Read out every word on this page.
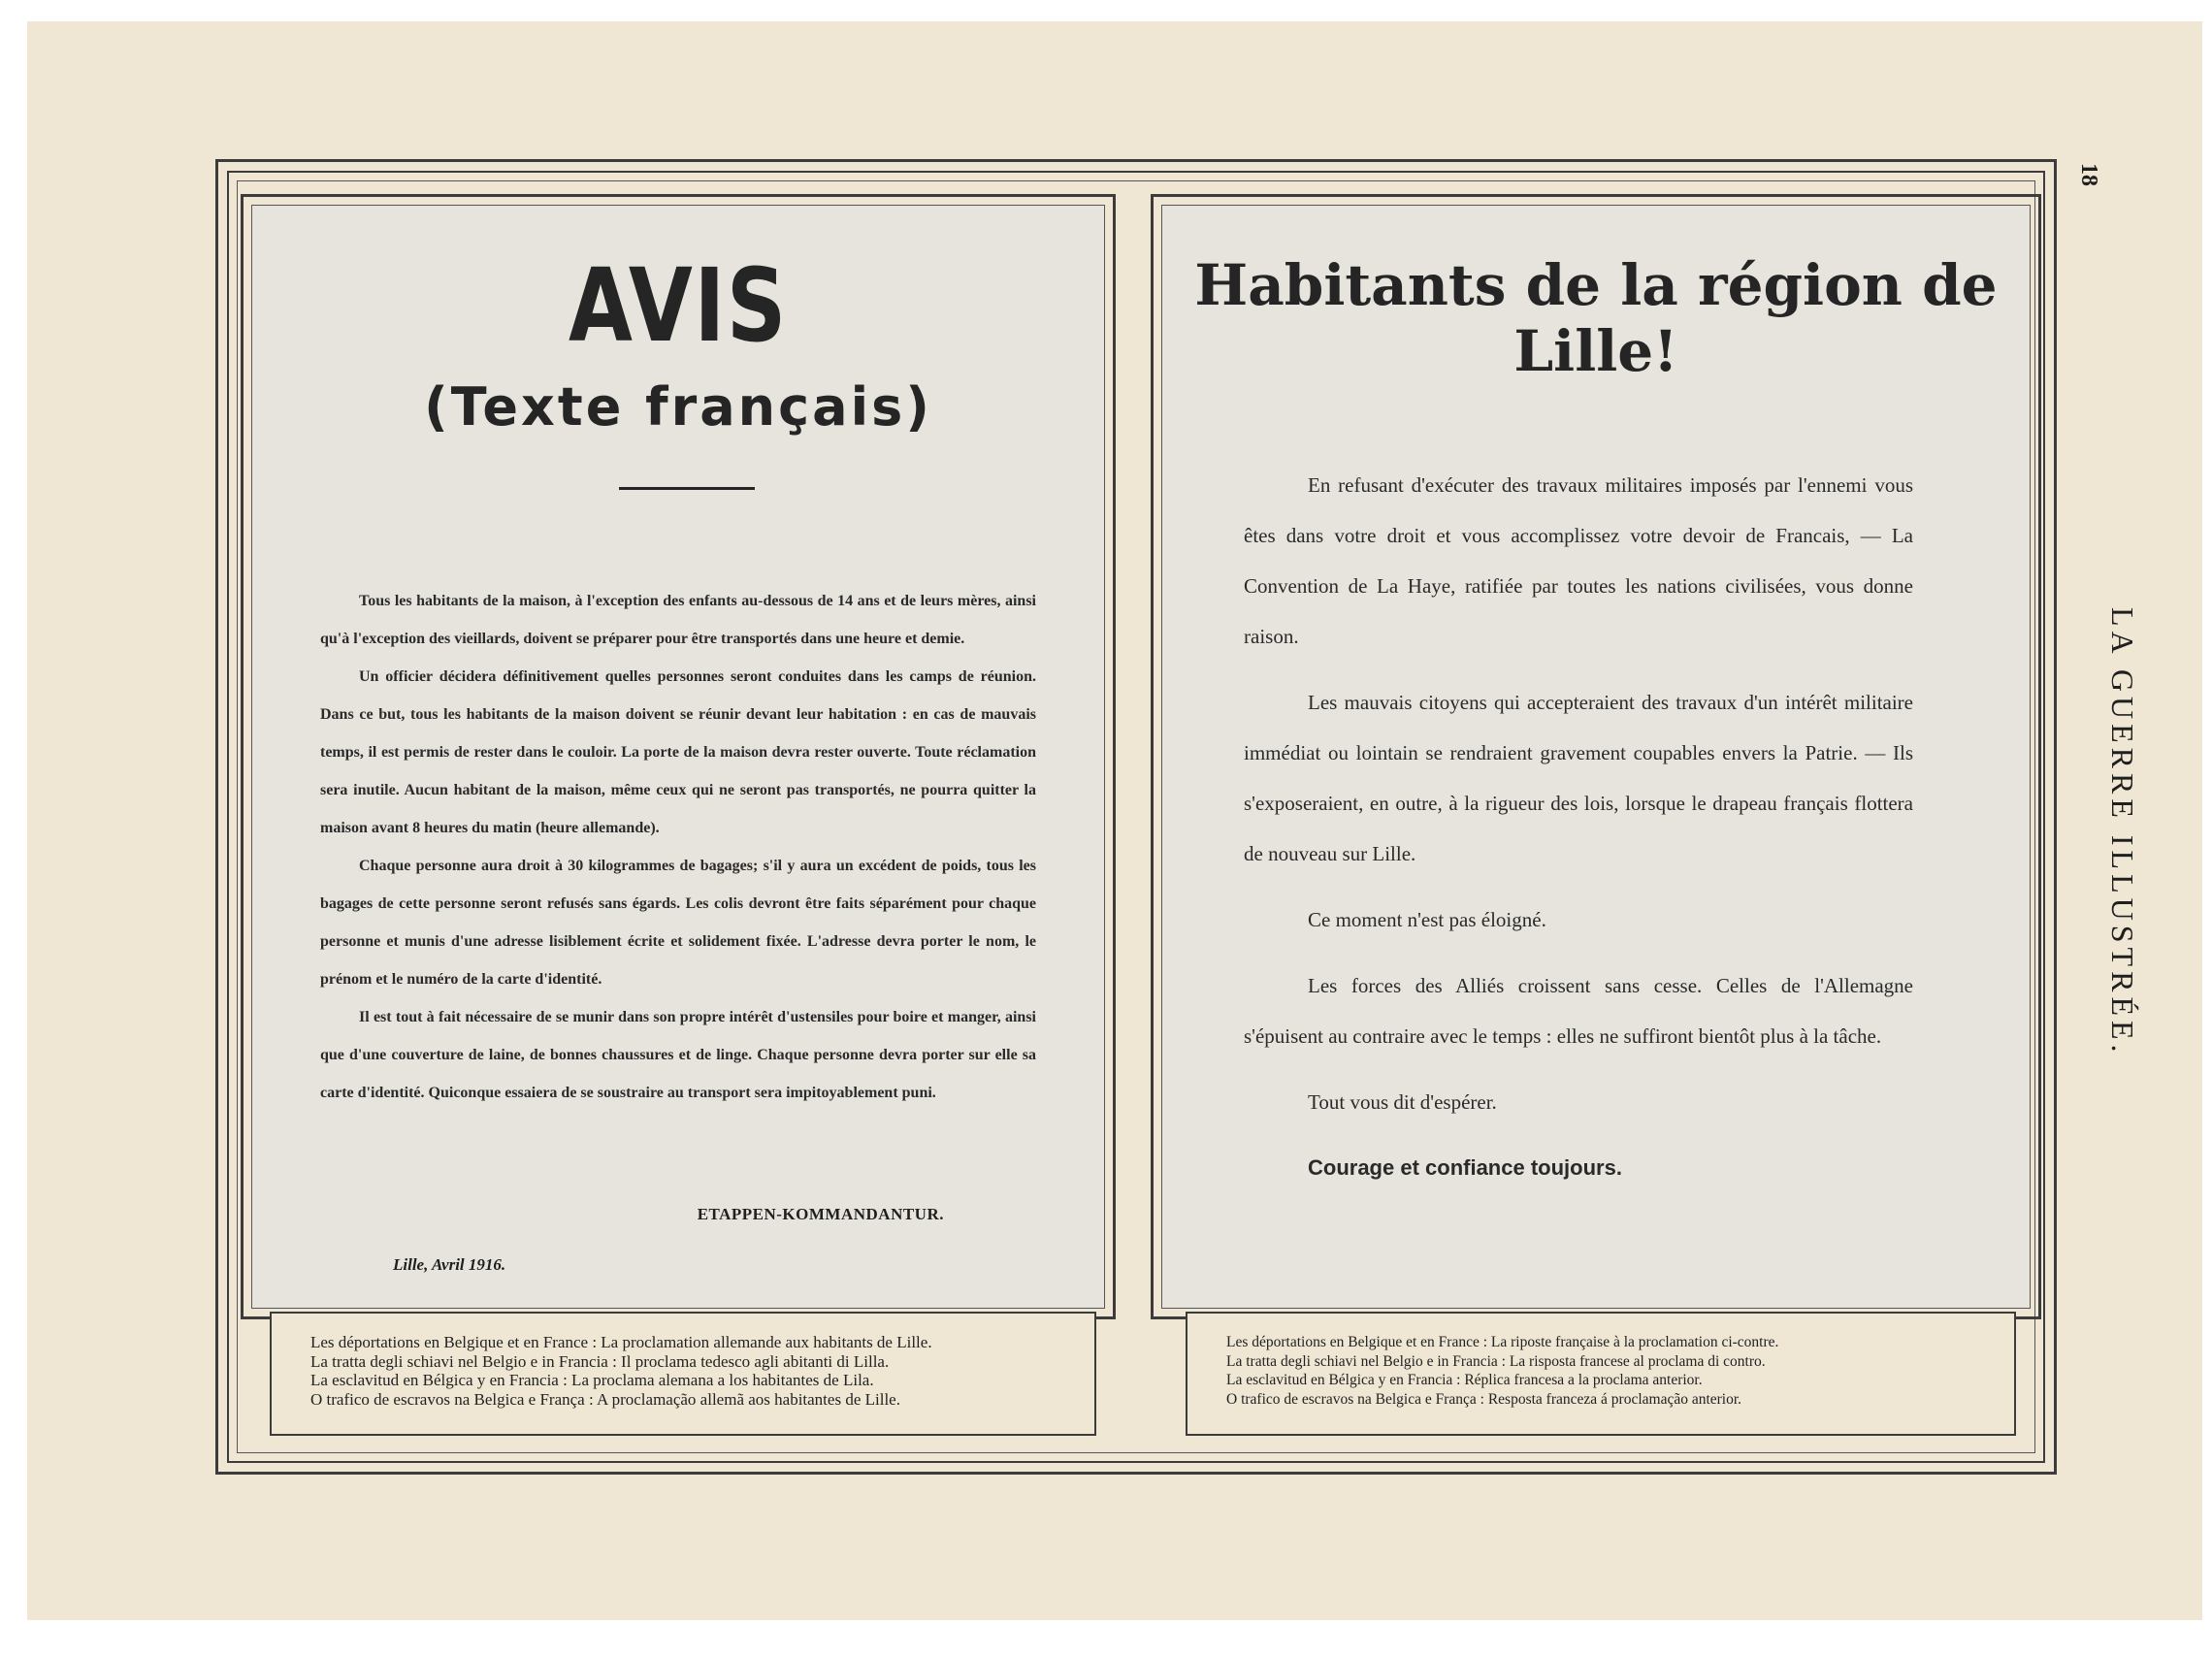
18
LA GUERRE ILLUSTRÉE.
AVIS
(Texte français)

Tous les habitants de la maison, à l'exception des enfants au-dessous de 14 ans et de leurs mères, ainsi qu'à l'exception des vieillards, doivent se préparer pour être transportés dans une heure et demie.

Un officier décidera définitivement quelles personnes seront conduites dans les camps de réunion. Dans ce but, tous les habitants de la maison doivent se réunir devant leur habitation : en cas de mauvais temps, il est permis de rester dans le couloir. La porte de la maison devra rester ouverte. Toute réclamation sera inutile. Aucun habitant de la maison, même ceux qui ne seront pas transportés, ne pourra quitter la maison avant 8 heures du matin (heure allemande).

Chaque personne aura droit à 30 kilogrammes de bagages; s'il y aura un excédent de poids, tous les bagages de cette personne seront refusés sans égards. Les colis devront être faits séparément pour chaque personne et munis d'une adresse lisiblement écrite et solidement fixée. L'adresse devra porter le nom, le prénom et le numéro de la carte d'identité.

Il est tout à fait nécessaire de se munir dans son propre intérêt d'ustensiles pour boire et manger, ainsi que d'une couverture de laine, de bonnes chaussures et de linge. Chaque personne devra porter sur elle sa carte d'identité. Quiconque essaiera de se soustraire au transport sera impitoyablement puni.

ETAPPEN-KOMMANDANTUR.
Lille, Avril 1916.
Habitants de la région de Lille!

En refusant d'exécuter des travaux militaires imposés par l'ennemi vous êtes dans votre droit et vous accomplissez votre devoir de Francais, — La Convention de La Haye, ratifiée par toutes les nations civilisées, vous donne raison.

Les mauvais citoyens qui accepteraient des travaux d'un intérêt militaire immédiat ou lointain se rendraient gravement coupables envers la Patrie. — Ils s'exposeraient, en outre, à la rigueur des lois, lorsque le drapeau français flottera de nouveau sur Lille.

Ce moment n'est pas éloigné.

Les forces des Alliés croissent sans cesse. Celles de l'Allemagne s'épuisent au contraire avec le temps : elles ne suffiront bientôt plus à la tâche.

Tout vous dit d'espérer.

Courage et confiance toujours.

Les déportations en Belgique et en France : La proclamation allemande aux habitants de Lille.
La tratta degli schiavi nel Belgio e in Francia : Il proclama tedesco agli abitanti di Lilla.
La esclavitud en Bélgica y en Francia : La proclama alemana a los habitantes de Lila.
O trafico de escravos na Belgica e França : A proclamação allemã aos habitantes de Lille.
Les déportations en Belgique et en France : La riposte française à la proclamation ci-contre.
La tratta degli schiavi nel Belgio e in Francia : La risposta francese al proclama di contro.
La esclavitud en Bélgica y en Francia : Réplica francesa a la proclama anterior.
O trafico de escravos na Belgica e França : Resposta franceza á proclamação anterior.
